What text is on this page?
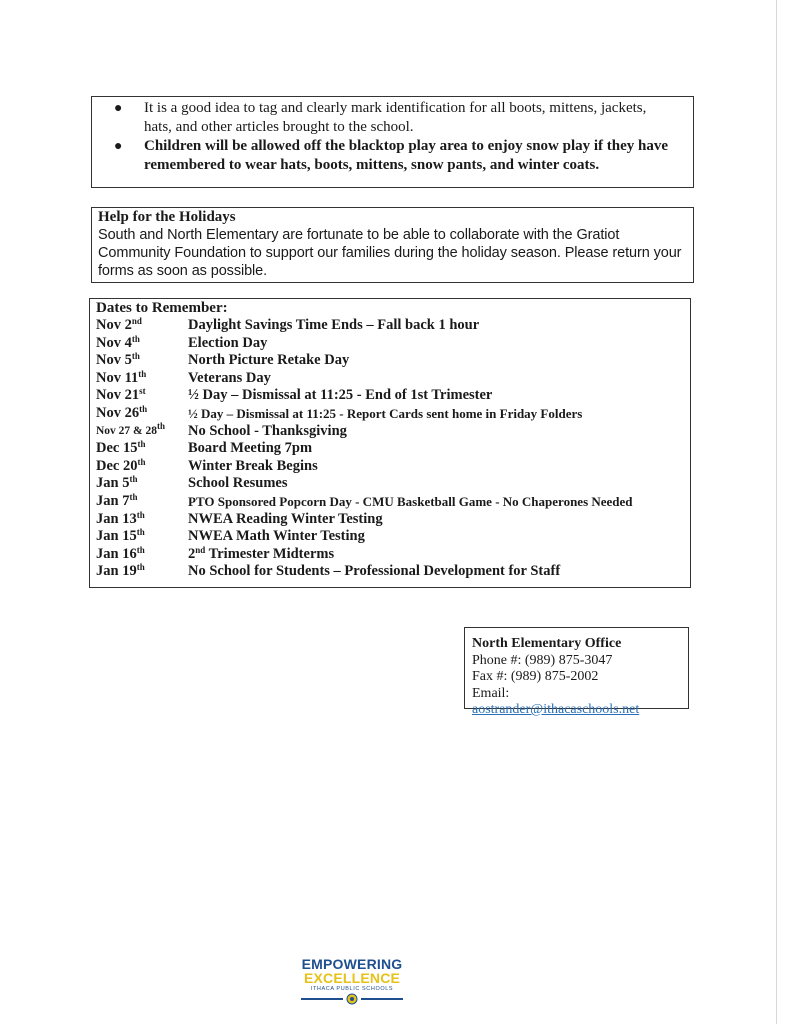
●	It is a good idea to tag and clearly mark identification for all boots, mittens, jackets,
hats, and other articles brought to the school.
●	Children will be allowed off the blacktop play area to enjoy snow play if they have
remembered to wear hats, boots, mittens, snow pants, and winter coats.
Help for the Holidays
South and North Elementary are fortunate to be able to collaborate with the Gratiot
Community Foundation to support our families during the holiday season. Please return your
forms as soon as possible.
Dates to Remember:
Nov 2nd	Daylight Savings Time Ends – Fall back 1 hour
Nov 4th	Election Day
Nov 5th	North Picture Retake Day
Nov 11th	Veterans Day
Nov 21st	½ Day – Dismissal at 11:25 - End of 1st Trimester
Nov 26th	½ Day – Dismissal at 11:25 - Report Cards sent home in Friday Folders
Nov 27 & 28th	No School - Thanksgiving
Dec 15th	Board Meeting 7pm
Dec 20th	Winter Break Begins
Jan 5th	School Resumes
Jan 7th	PTO Sponsored Popcorn Day - CMU Basketball Game - No Chaperones Needed
Jan 13th	NWEA Reading Winter Testing
Jan 15th	NWEA Math Winter Testing
Jan 16th	2nd Trimester Midterms
Jan 19th	No School for Students – Professional Development for Staff
North Elementary Office
Phone #: (989) 875-3047
Fax #: (989) 875-2002
Email: aostrander@ithacaschools.net
EMPOWERING
EXCELLENCE
ITHACA PUBLIC SCHOOLS
